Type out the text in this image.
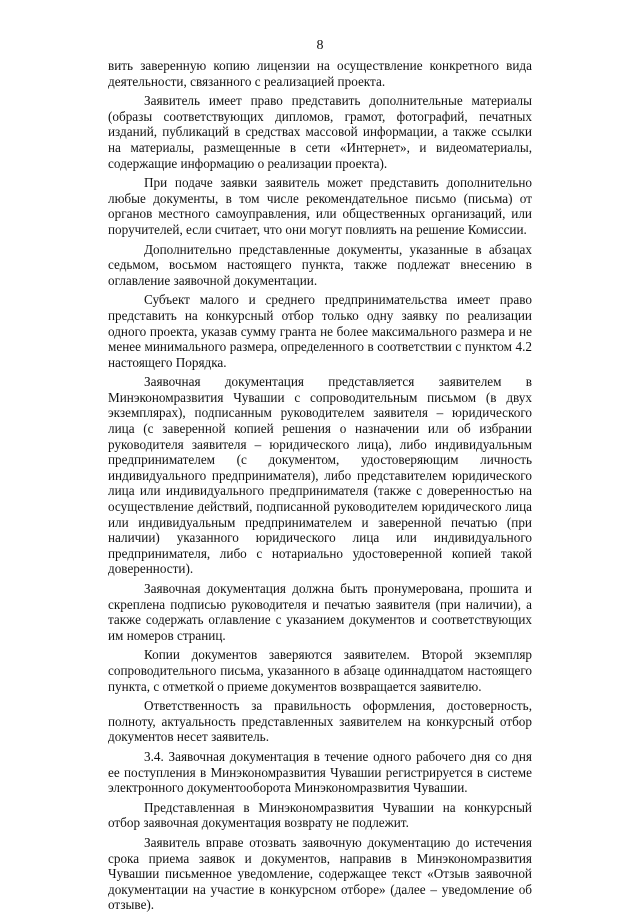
8

вить заверенную копию лицензии на осуществление конкретного вида деятельности, связанного с реализацией проекта.

Заявитель имеет право представить дополнительные материалы (образы соответствующих дипломов, грамот, фотографий, печатных изданий, публикаций в средствах массовой информации, а также ссылки на материалы, размещенные в сети «Интернет», и видеоматериалы, содержащие информацию о реализации проекта).

При подаче заявки заявитель может представить дополнительно любые документы, в том числе рекомендательное письмо (письма) от органов местного самоуправления, или общественных организаций, или поручителей, если считает, что они могут повлиять на решение Комиссии.

Дополнительно представленные документы, указанные в абзацах седьмом, восьмом настоящего пункта, также подлежат внесению в оглавление заявочной документации.

Субъект малого и среднего предпринимательства имеет право представить на конкурсный отбор только одну заявку по реализации одного проекта, указав сумму гранта не более максимального размера и не менее минимального размера, определенного в соответствии с пунктом 4.2 настоящего Порядка.

Заявочная документация представляется заявителем в Минэкономразвития Чувашии с сопроводительным письмом (в двух экземплярах), подписанным руководителем заявителя – юридического лица (с заверенной копией решения о назначении или об избрании руководителя заявителя – юридического лица), либо индивидуальным предпринимателем (с документом, удостоверяющим личность индивидуального предпринимателя), либо представителем юридического лица или индивидуального предпринимателя (также с доверенностью на осуществление действий, подписанной руководителем юридического лица или индивидуальным предпринимателем и заверенной печатью (при наличии) указанного юридического лица или индивидуального предпринимателя, либо с нотариально удостоверенной копией такой доверенности).

Заявочная документация должна быть пронумерована, прошита и скреплена подписью руководителя и печатью заявителя (при наличии), а также содержать оглавление с указанием документов и соответствующих им номеров страниц.

Копии документов заверяются заявителем. Второй экземпляр сопроводительного письма, указанного в абзаце одиннадцатом настоящего пункта, с отметкой о приеме документов возвращается заявителю.

Ответственность за правильность оформления, достоверность, полноту, актуальность представленных заявителем на конкурсный отбор документов несет заявитель.

3.4. Заявочная документация в течение одного рабочего дня со дня ее поступления в Минэкономразвития Чувашии регистрируется в системе электронного документооборота Минэкономразвития Чувашии.

Представленная в Минэкономразвития Чувашии на конкурсный отбор заявочная документация возврату не подлежит.

Заявитель вправе отозвать заявочную документацию до истечения срока приема заявок и документов, направив в Минэкономразвития Чувашии письменное уведомление, содержащее текст «Отзыв заявочной документации на участие в конкурсном отборе» (далее – уведомление об отзыве).
